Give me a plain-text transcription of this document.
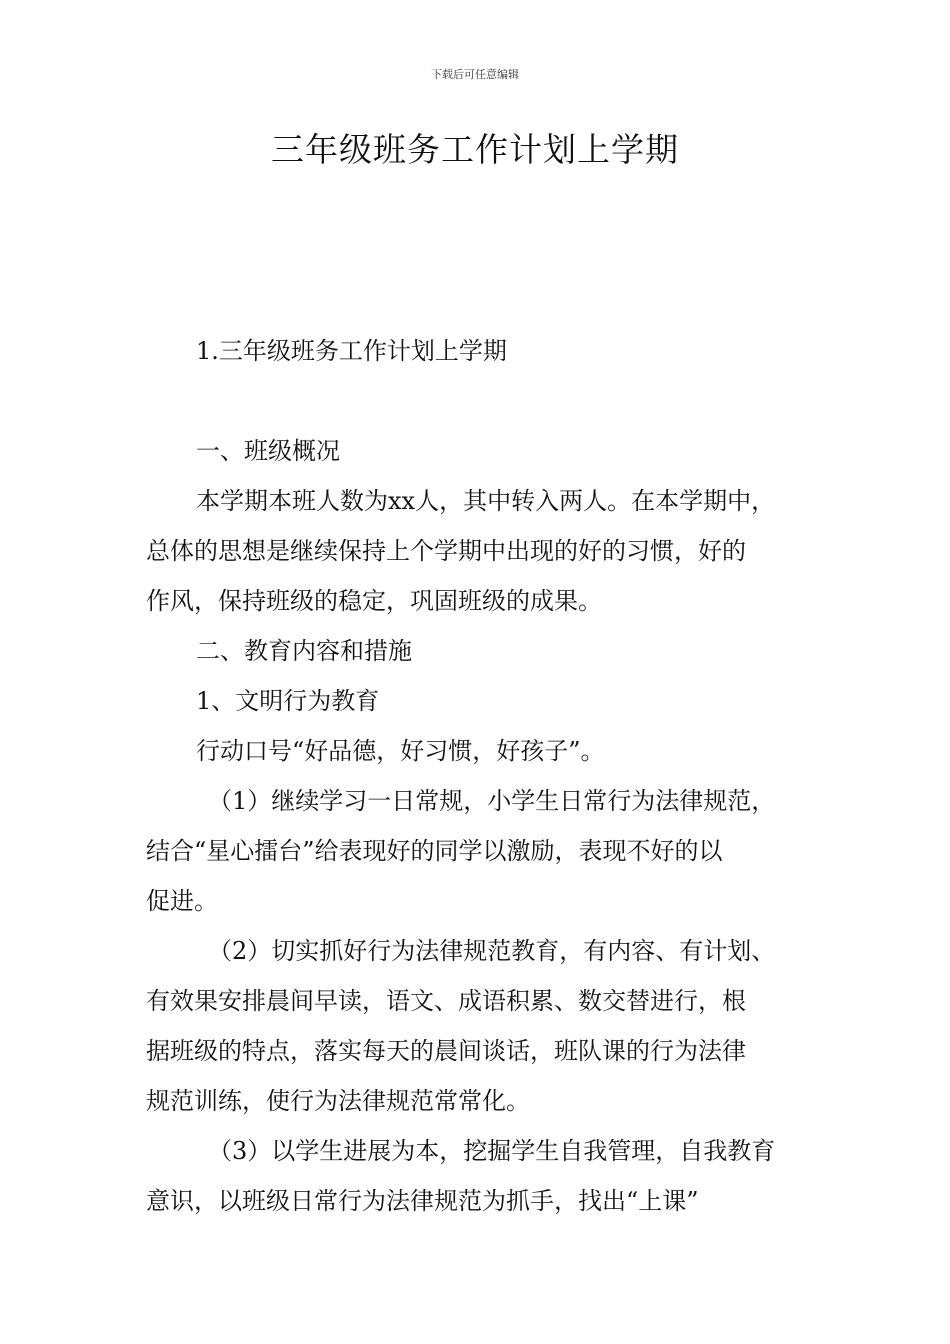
下载后可任意编辑
三年级班务工作计划上学期
1.三年级班务工作计划上学期
一、班级概况
本学期本班人数为xx人，其中转入两人。在本学期中，
总体的思想是继续保持上个学期中出现的好的习惯，好的
作风，保持班级的稳定，巩固班级的成果。
二、教育内容和措施
1、文明行为教育
行动口号“好品德，好习惯，好孩子”。
（1）继续学习一日常规，小学生日常行为法律规范，
结合“星心擂台”给表现好的同学以激励，表现不好的以
促进。
（2）切实抓好行为法律规范教育，有内容、有计划、
有效果安排晨间早读，语文、成语积累、数交替进行，根
据班级的特点，落实每天的晨间谈话，班队课的行为法律
规范训练，使行为法律规范常常化。
（3）以学生进展为本，挖掘学生自我管理，自我教育
意识，以班级日常行为法律规范为抓手，找出“上课”
